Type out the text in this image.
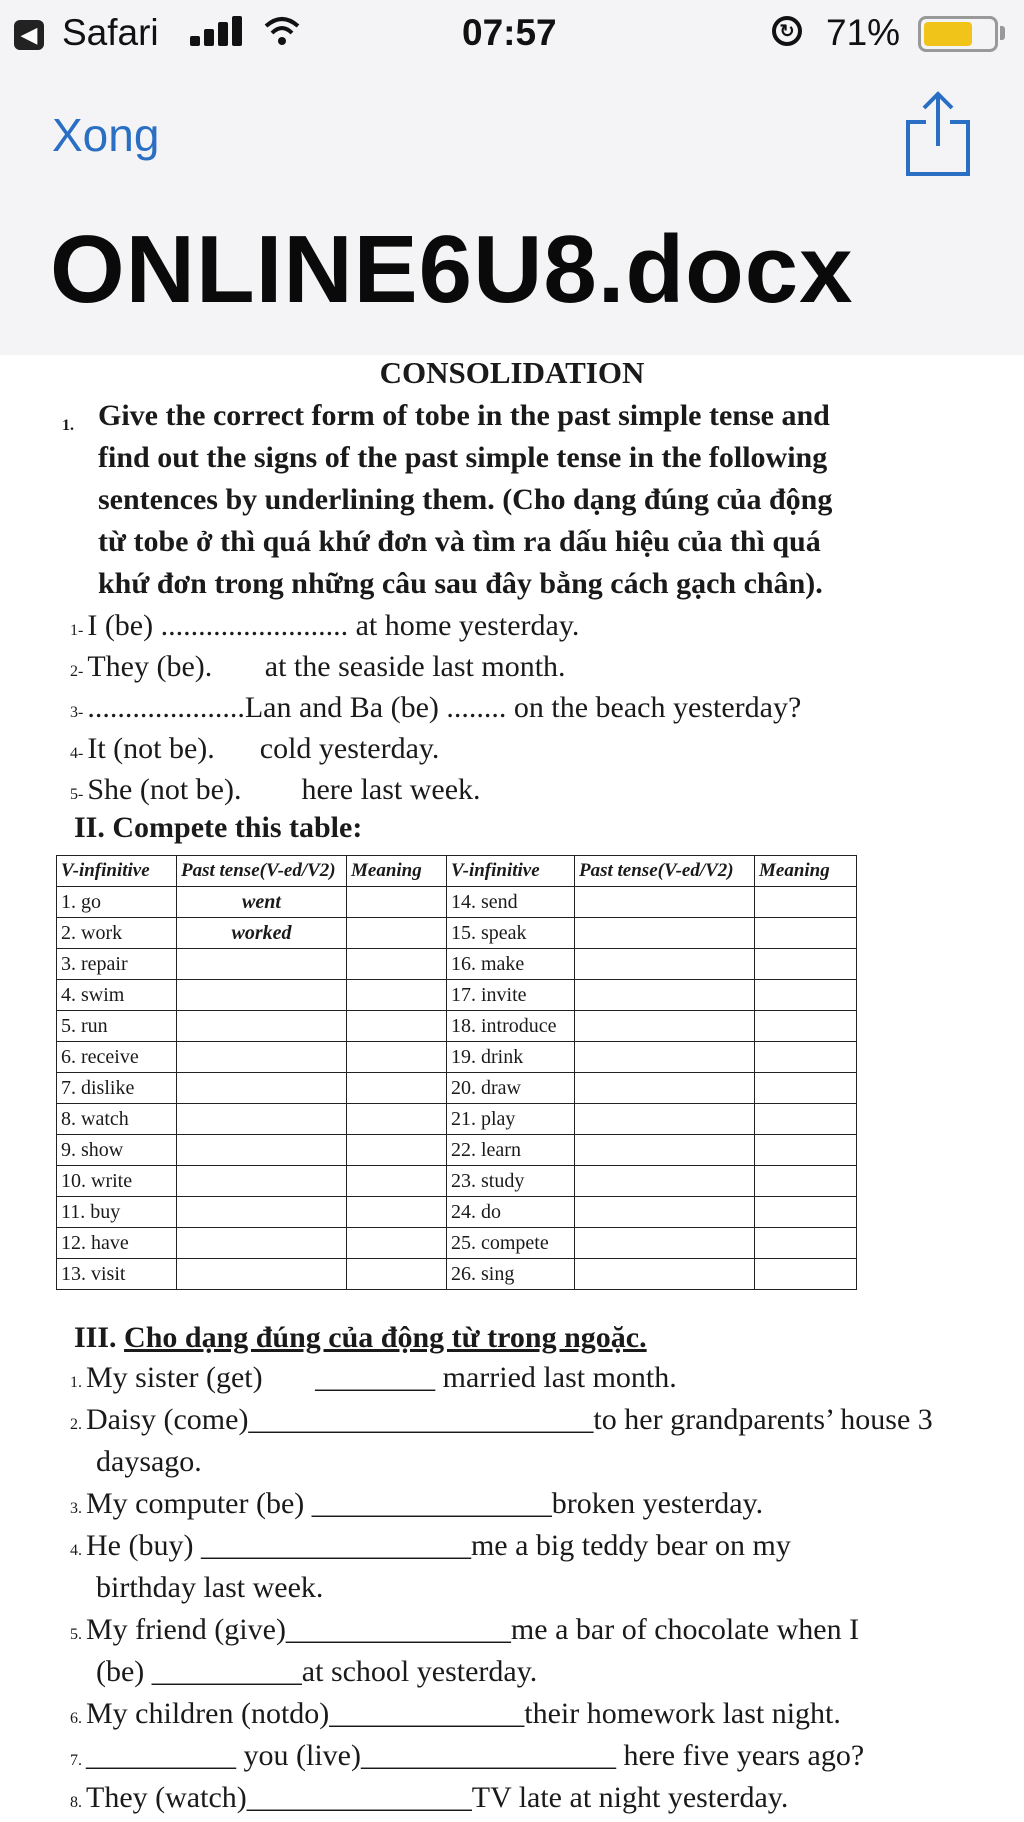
◀ Safari	07:57	↻ 71%
Xong
ONLINE6U8.docx
CONSOLIDATION
1. Give the correct form of tobe in the past simple tense and
find out the signs of the past simple tense in the following
sentences by underlining them. (Cho dạng đúng của động
từ tobe ở thì quá khứ đơn và tìm ra dấu hiệu của thì quá
khứ đơn trong những câu sau đây bằng cách gạch chân).
1- I (be) ......................... at home yesterday.
2- They (be).       at the seaside last month.
3- .....................Lan and Ba (be) ........ on the beach yesterday?
4- It (not be).      cold yesterday.
5- She (not be).        here last week.
II. Compete this table:
V-infinitive	Past tense(V-ed/V2)	Meaning	V-infinitive	Past tense(V-ed/V2)	Meaning
1. go	went		14. send		
2. work	worked		15. speak		
3. repair			16. make		
4. swim			17. invite		
5. run			18. introduce		
6. receive			19. drink		
7. dislike			20. draw		
8. watch			21. play		
9. show			22. learn		
10. write			23. study		
11. buy			24. do		
12. have			25. compete		
13. visit			26. sing		
III. Cho dạng đúng của động từ trong ngoặc.
1. My sister (get)       ________ married last month.
2. Daisy (come)_______________________to her grandparents’ house 3
daysago.
3. My computer (be) ________________broken yesterday.
4. He (buy) __________________me a big teddy bear on my
birthday last week.
5. My friend (give)_______________me a bar of chocolate when I
(be) __________at school yesterday.
6. My children (notdo)_____________their homework last night.
7. __________ you (live)_________________ here five years ago?
8. They (watch)_______________TV late at night yesterday.
